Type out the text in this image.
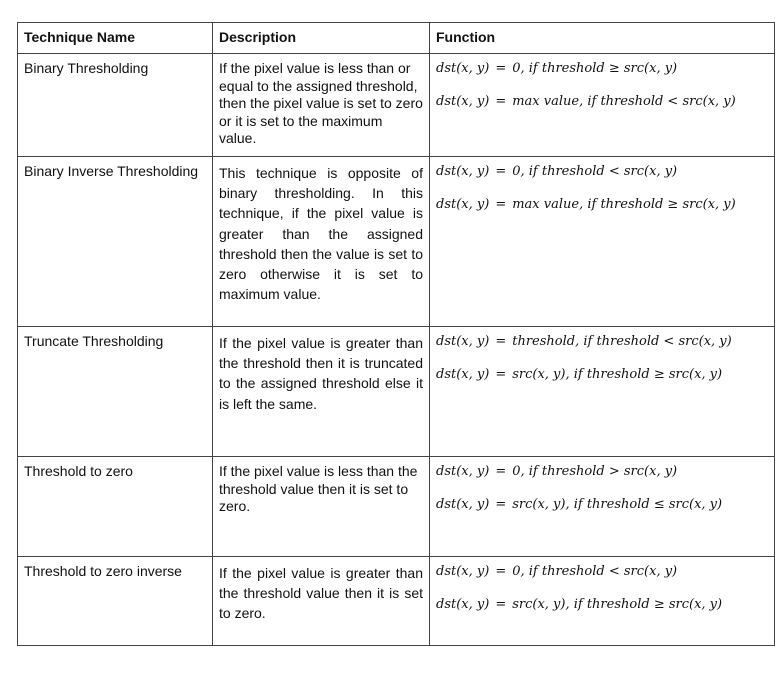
Technique Name	Description	Function
Binary Thresholding	If the pixel value is less than or equal to the assigned threshold, then the pixel value is set to zero or it is set to the maximum value.	dst(x, y) = 0, if threshold ≥ src(x, y)
dst(x, y) = max value, if threshold < src(x, y)

Binary Inverse Thresholding	This technique is opposite of binary thresholding. In this technique, if the pixel value is greater than the assigned threshold then the value is set to zero otherwise it is set to maximum value.	dst(x, y) = 0, if threshold < src(x, y)
dst(x, y) = max value, if threshold ≥ src(x, y)

Truncate Thresholding	If the pixel value is greater than the threshold then it is truncated to the assigned threshold else it is left the same.	dst(x, y) = threshold, if threshold < src(x, y)
dst(x, y) = src(x, y), if threshold ≥ src(x, y)

Threshold to zero	If the pixel value is less than the threshold value then it is set to zero.	dst(x, y) = 0, if threshold > src(x, y)
dst(x, y) = src(x, y), if threshold ≤ src(x, y)

Threshold to zero inverse	If the pixel value is greater than the threshold value then it is set to zero.	dst(x, y) = 0, if threshold < src(x, y)
dst(x, y) = src(x, y), if threshold ≥ src(x, y)
